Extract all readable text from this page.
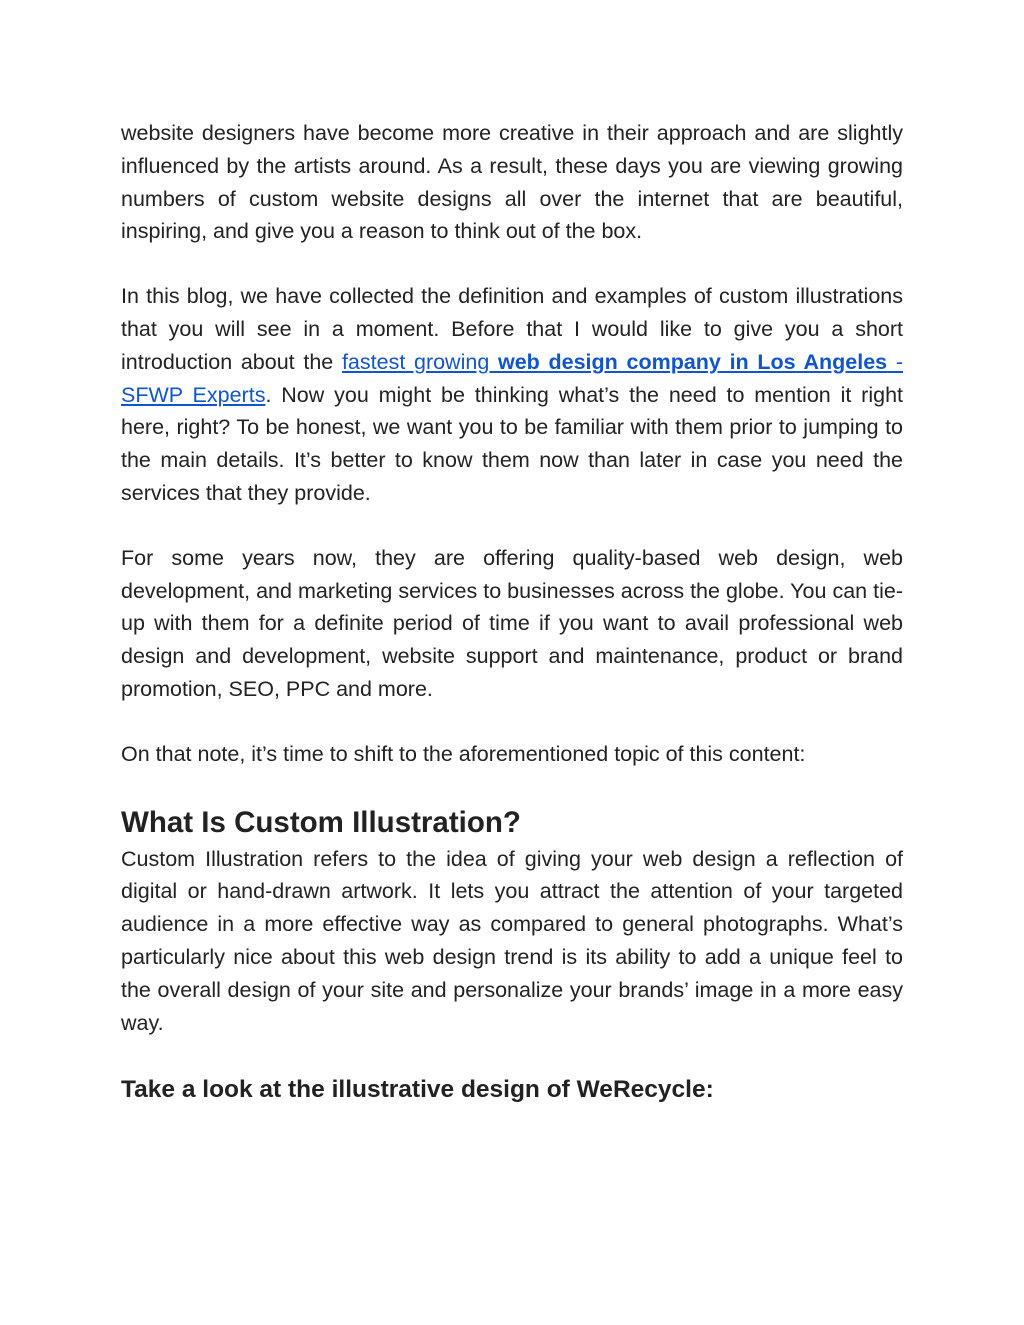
website designers have become more creative in their approach and are slightly influenced by the artists around. As a result, these days you are viewing growing numbers of custom website designs all over the internet that are beautiful, inspiring, and give you a reason to think out of the box.

In this blog, we have collected the definition and examples of custom illustrations that you will see in a moment. Before that I would like to give you a short introduction about the fastest growing web design company in Los Angeles - SFWP Experts. Now you might be thinking what’s the need to mention it right here, right? To be honest, we want you to be familiar with them prior to jumping to the main details. It’s better to know them now than later in case you need the services that they provide.

For some years now, they are offering quality-based web design, web development, and marketing services to businesses across the globe. You can tie-up with them for a definite period of time if you want to avail professional web design and development, website support and maintenance, product or brand promotion, SEO, PPC and more.

On that note, it’s time to shift to the aforementioned topic of this content:

What Is Custom Illustration?

Custom Illustration refers to the idea of giving your web design a reflection of digital or hand-drawn artwork. It lets you attract the attention of your targeted audience in a more effective way as compared to general photographs. What’s particularly nice about this web design trend is its ability to add a unique feel to the overall design of your site and personalize your brands’ image in a more easy way.

Take a look at the illustrative design of WeRecycle:
